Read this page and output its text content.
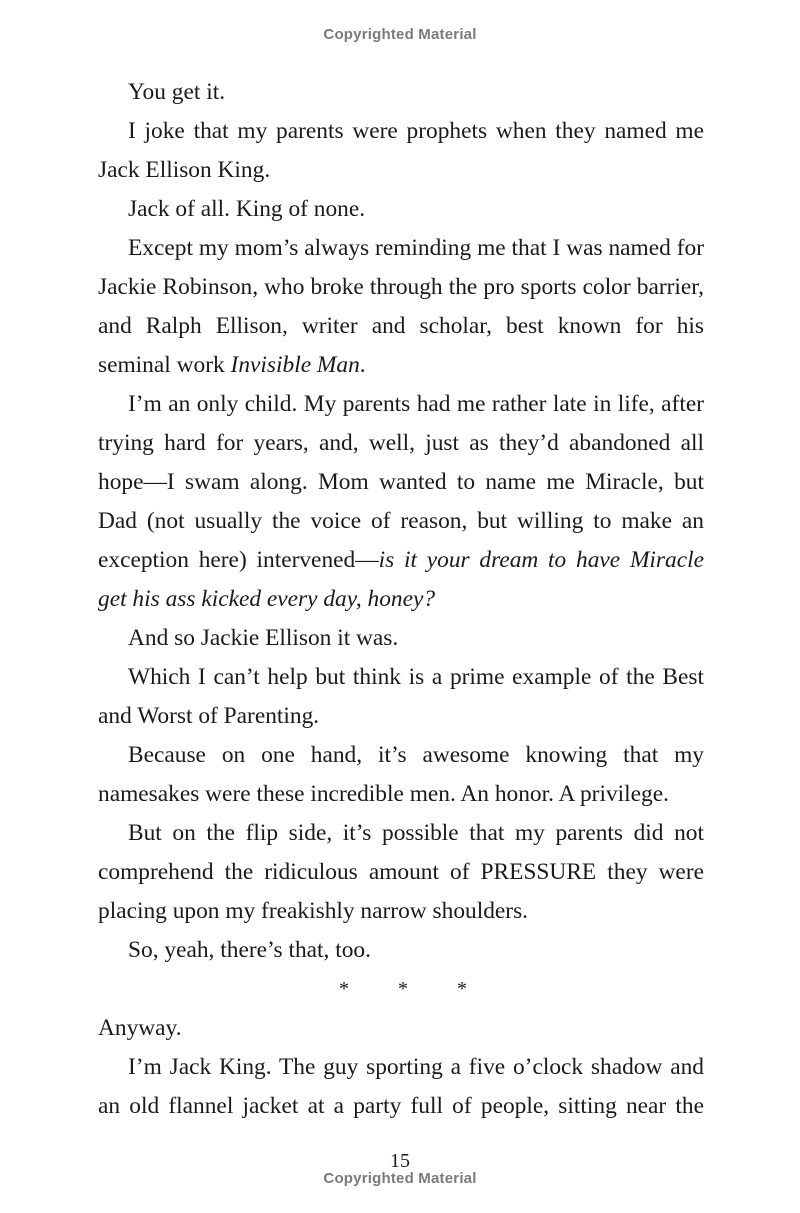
Copyrighted Material

You get it.

I joke that my parents were prophets when they named me Jack Ellison King.

Jack of all. King of none.

Except my mom’s always reminding me that I was named for Jackie Robinson, who broke through the pro sports color barrier, and Ralph Ellison, writer and scholar, best known for his seminal work Invisible Man.

I’m an only child. My parents had me rather late in life, after trying hard for years, and, well, just as they’d abandoned all hope—I swam along. Mom wanted to name me Miracle, but Dad (not usually the voice of reason, but willing to make an exception here) intervened—is it your dream to have Miracle get his ass kicked every day, honey?

And so Jackie Ellison it was.

Which I can’t help but think is a prime example of the Best and Worst of Parenting.

Because on one hand, it’s awesome knowing that my namesakes were these incredible men. An honor. A privilege.

But on the flip side, it’s possible that my parents did not comprehend the ridiculous amount of PRESSURE they were placing upon my freakishly narrow shoulders.

So, yeah, there’s that, too.

* * *

Anyway.

I’m Jack King. The guy sporting a five o’clock shadow and an old flannel jacket at a party full of people, sitting near the

15
Copyrighted Material
